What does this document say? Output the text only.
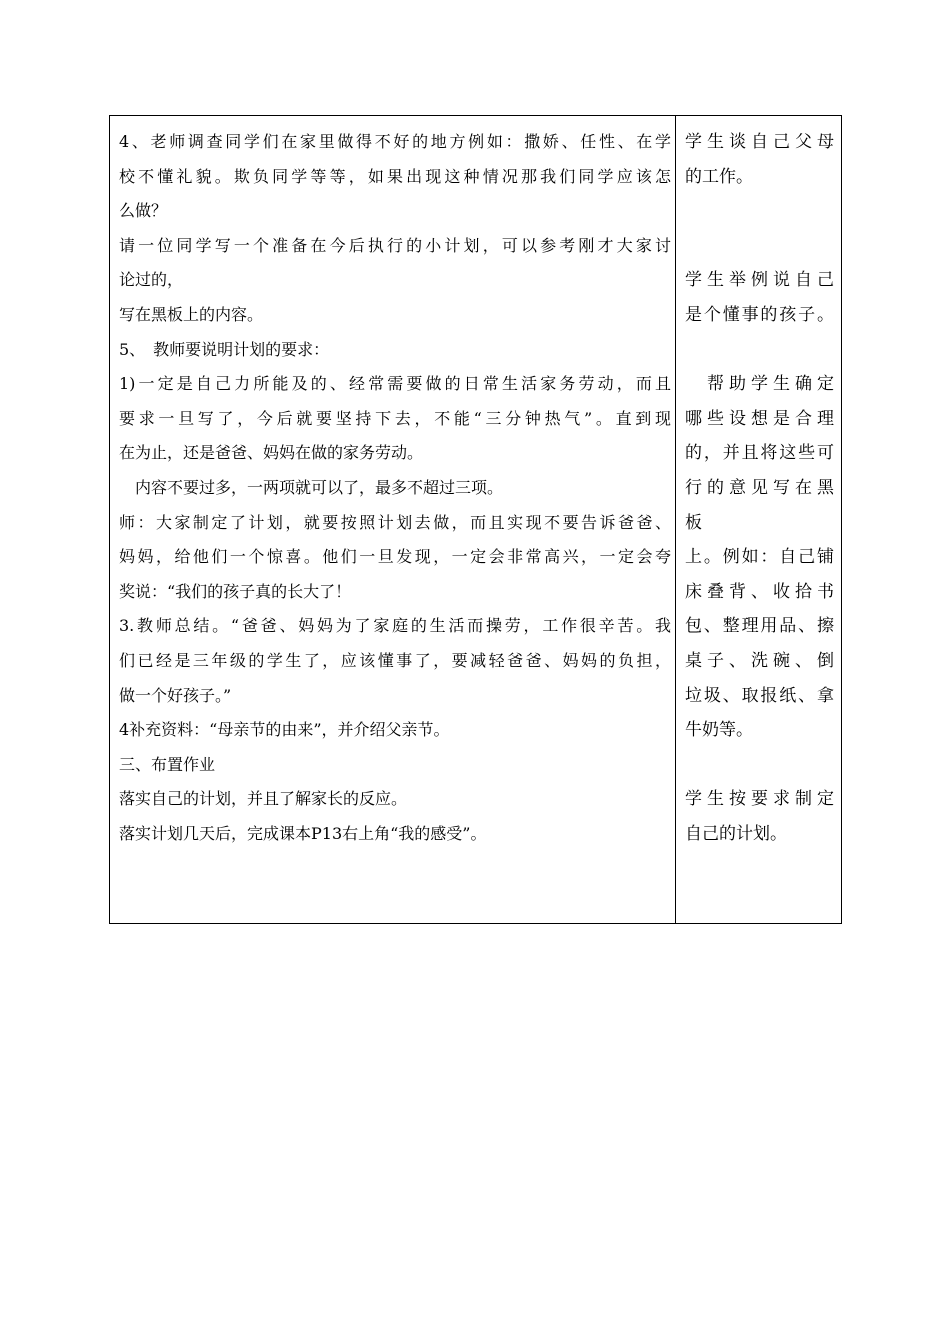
4、老师调查同学们在家里做得不好的地方例如：撒娇、任性、在学
校不懂礼貌。欺负同学等等，如果出现这种情况那我们同学应该怎
么做？
请一位同学写一个准备在今后执行的小计划，可以参考刚才大家讨
论过的，
写在黑板上的内容。
5、　教师要说明计划的要求：
1)一定是自己力所能及的、经常需要做的日常生活家务劳动，而且
要求一旦写了，今后就要坚持下去，不能“三分钟热气”。直到现
在为止，还是爸爸、妈妈在做的家务劳动。
　内容不要过多，一两项就可以了，最多不超过三项。
师：大家制定了计划，就要按照计划去做，而且实现不要告诉爸爸、
妈妈，给他们一个惊喜。他们一旦发现，一定会非常高兴，一定会夸
奖说：“我们的孩子真的长大了！
3.教师总结。“爸爸、妈妈为了家庭的生活而操劳，工作很辛苦。我
们已经是三年级的学生了，应该懂事了，要减轻爸爸、妈妈的负担，
做一个好孩子。”
4补充资料：“母亲节的由来”，并介绍父亲节。
三、布置作业
落实自己的计划，并且了解家长的反应。
落实计划几天后，完成课本P13右上角“我的感受”。
学生谈自己父母
的工作。
学生举例说自己
是个懂事的孩子。
　帮助学生确定
哪些设想是合理
的，并且将这些可
行的意见写在黑
板
上。例如：自己铺
床叠背、收拾书
包、整理用品、擦
桌子、洗碗、倒
垃圾、取报纸、拿
牛奶等。
学生按要求制定
自己的计划。
